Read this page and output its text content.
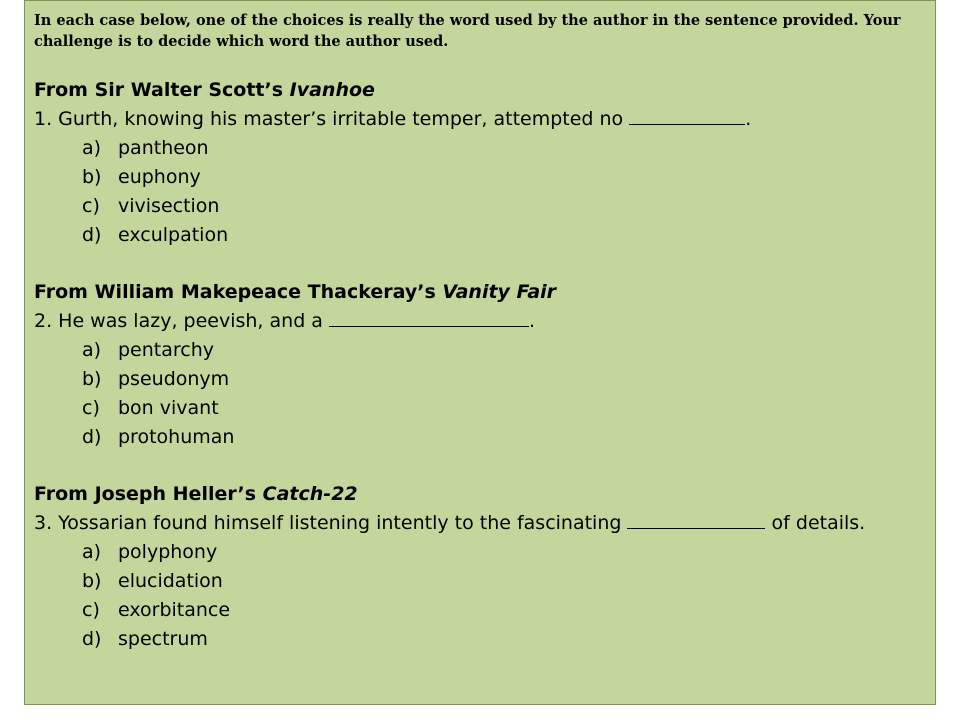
In each case below, one of the choices is really the word used by the author in the sentence provided. Your challenge is to decide which word the author used.
From Sir Walter Scott’s Ivanhoe
1. Gurth, knowing his master’s irritable temper, attempted no	.
a) pantheon
b) euphony
c) vivisection
d) exculpation
From William Makepeace Thackeray’s Vanity Fair
2. He was lazy, peevish, and a	.
a) pentarchy
b) pseudonym
c) bon vivant
d) protohuman
From Joseph Heller’s Catch-22
3. Yossarian found himself listening intently to the fascinating	of details.
a) polyphony
b) elucidation
c) exorbitance
d) spectrum
